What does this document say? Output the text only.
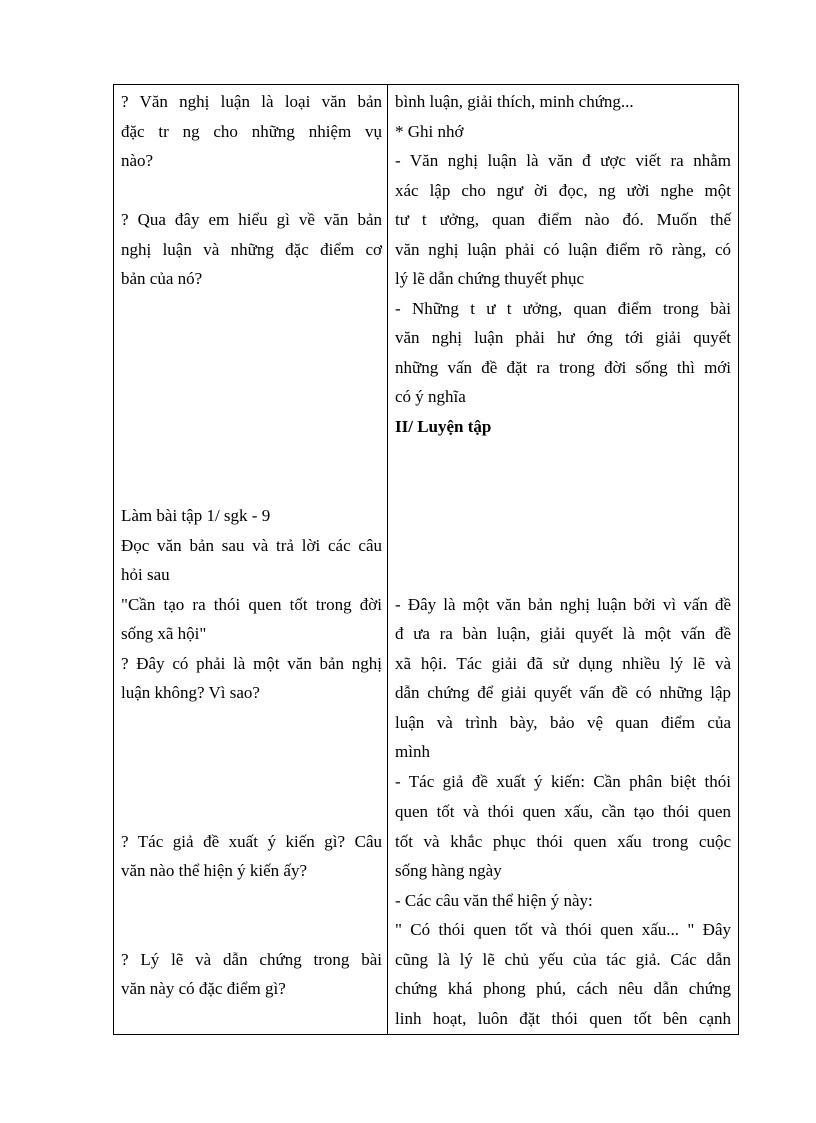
? Văn nghị luận là loại văn bản
đặc tr ng cho những nhiệm vụ
nào?
? Qua đây em hiểu gì về văn bản
nghị luận và những đặc điểm cơ
bản của nó?
Làm bài tập 1/ sgk - 9
Đọc văn bản sau và trả lời các câu
hỏi sau
"Cần tạo ra thói quen tốt trong đời
sống xã hội"
? Đây có phải là một văn bản nghị
luận không? Vì sao?
? Tác giả đề xuất ý kiến gì? Câu
văn nào thể hiện ý kiến ấy?
? Lý lẽ và dẫn chứng trong bài
văn này có đặc điểm gì?
bình luận, giải thích, minh chứng...
* Ghi nhớ
- Văn nghị luận là văn đ ược viết ra nhằm
xác lập cho ngư ời đọc, ng ười nghe một
tư t ưởng, quan điểm nào đó. Muốn thế
văn nghị luận phải có luận điểm rõ ràng, có
lý lẽ dẫn chứng thuyết phục
- Những t ư t ưởng, quan điểm trong bài
văn nghị luận phải hư ớng tới giải quyết
những vấn đề đặt ra trong đời sống thì mới
có ý nghĩa
II/ Luyện tập
- Đây là một văn bản nghị luận bởi vì vấn đề
đ ưa ra bàn luận, giải quyết là một vấn đề
xã hội. Tác giải đã sử dụng nhiều lý lẽ và
dẫn chứng để giải quyết vấn đề có những lập
luận và trình bày, bảo vệ quan điểm của
mình
- Tác giả đề xuất ý kiến: Cần phân biệt thói
quen tốt và thói quen xấu, cần tạo thói quen
tốt và khắc phục thói quen xấu trong cuộc
sống hàng ngày
- Các câu văn thể hiện ý này:
" Có thói quen tốt và thói quen xấu... " Đây
cũng là lý lẽ chủ yếu của tác giả. Các dẫn
chứng khá phong phú, cách nêu dẫn chứng
linh hoạt, luôn đặt thói quen tốt bên cạnh
